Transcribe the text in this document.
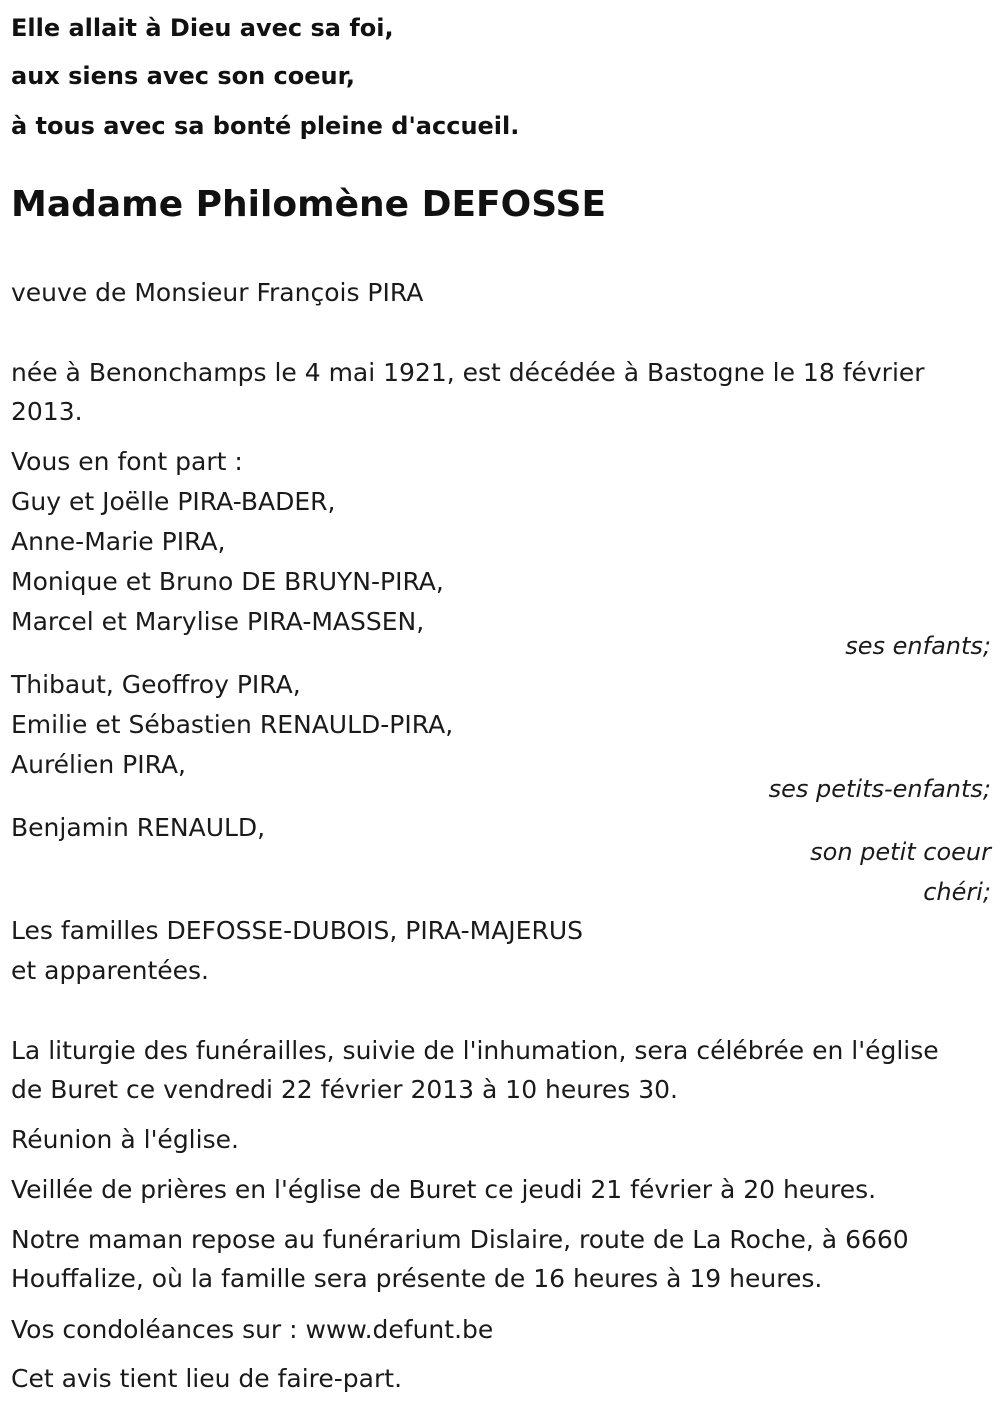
Elle allait à Dieu avec sa foi,

aux siens avec son coeur,

à tous avec sa bonté pleine d'accueil.

Madame Philomène DEFOSSE

veuve de Monsieur François PIRA

née à Benonchamps le 4 mai 1921, est décédée à Bastogne le 18 février

2013.

Vous en font part :

Guy et Joëlle PIRA-BADER,

Anne-Marie PIRA,

Monique et Bruno DE BRUYN-PIRA,

Marcel et Marylise PIRA-MASSEN,

ses enfants;

Thibaut, Geoffroy PIRA,

Emilie et Sébastien RENAULD-PIRA,

Aurélien PIRA,

ses petits-enfants;

Benjamin RENAULD,

son petit coeur

chéri;

Les familles DEFOSSE-DUBOIS, PIRA-MAJERUS

et apparentées.

La liturgie des funérailles, suivie de l'inhumation, sera célébrée en l'église

de Buret ce vendredi 22 février 2013 à 10 heures 30.

Réunion à l'église.

Veillée de prières en l'église de Buret ce jeudi 21 février à 20 heures.

Notre maman repose au funérarium Dislaire, route de La Roche, à 6660

Houffalize, où la famille sera présente de 16 heures à 19 heures.

Vos condoléances sur : www.defunt.be

Cet avis tient lieu de faire-part.
